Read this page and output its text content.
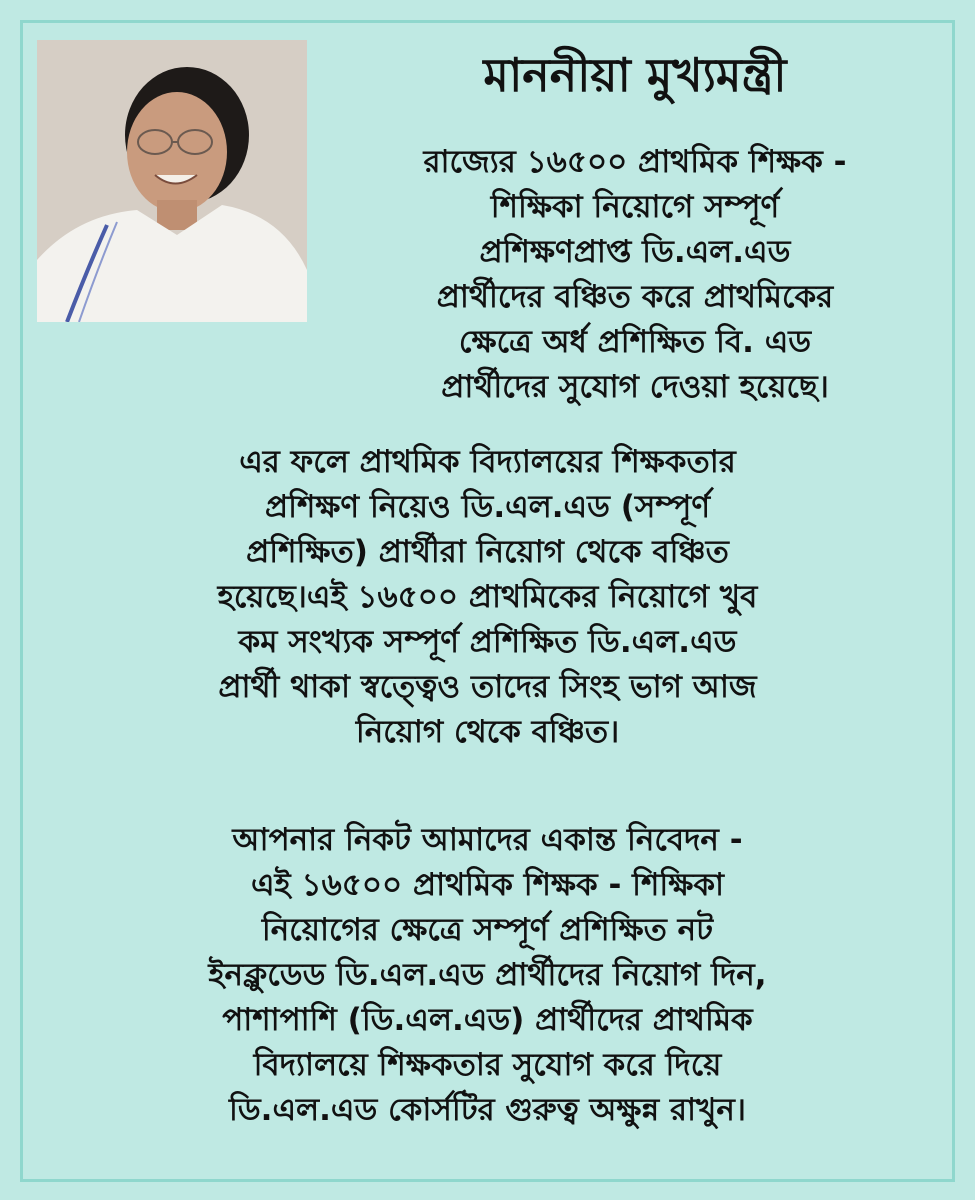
মাননীয়া মুখ্যমন্ত্রী
রাজ্যের ১৬৫০০ প্রাথমিক শিক্ষক -
শিক্ষিকা নিয়োগে সম্পূর্ণ
প্রশিক্ষণপ্রাপ্ত ডি.এল.এড
প্রার্থীদের বঞ্চিত করে প্রাথমিকের
ক্ষেত্রে অর্ধ প্রশিক্ষিত বি. এড
প্রার্থীদের সুযোগ দেওয়া হয়েছে।
এর ফলে প্রাথমিক বিদ্যালয়ের শিক্ষকতার
প্রশিক্ষণ নিয়েও ডি.এল.এড (সম্পূর্ণ
প্রশিক্ষিত) প্রার্থীরা নিয়োগ থেকে বঞ্চিত
হয়েছে।এই ১৬৫০০ প্রাথমিকের নিয়োগে খুব
কম সংখ্যক সম্পূর্ণ প্রশিক্ষিত ডি.এল.এড
প্রার্থী থাকা স্বত্ত্বেও তাদের সিংহ ভাগ আজ
নিয়োগ থেকে বঞ্চিত।
আপনার নিকট আমাদের একান্ত নিবেদন -
এই ১৬৫০০ প্রাথমিক শিক্ষক - শিক্ষিকা
নিয়োগের ক্ষেত্রে সম্পূর্ণ প্রশিক্ষিত নট
ইনক্লুডেড ডি.এল.এড প্রার্থীদের নিয়োগ দিন,
পাশাপাশি (ডি.এল.এড) প্রার্থীদের প্রাথমিক
বিদ্যালয়ে শিক্ষকতার সুযোগ করে দিয়ে
ডি.এল.এড কোর্সটির গুরুত্ব অক্ষুন্ন রাখুন।
